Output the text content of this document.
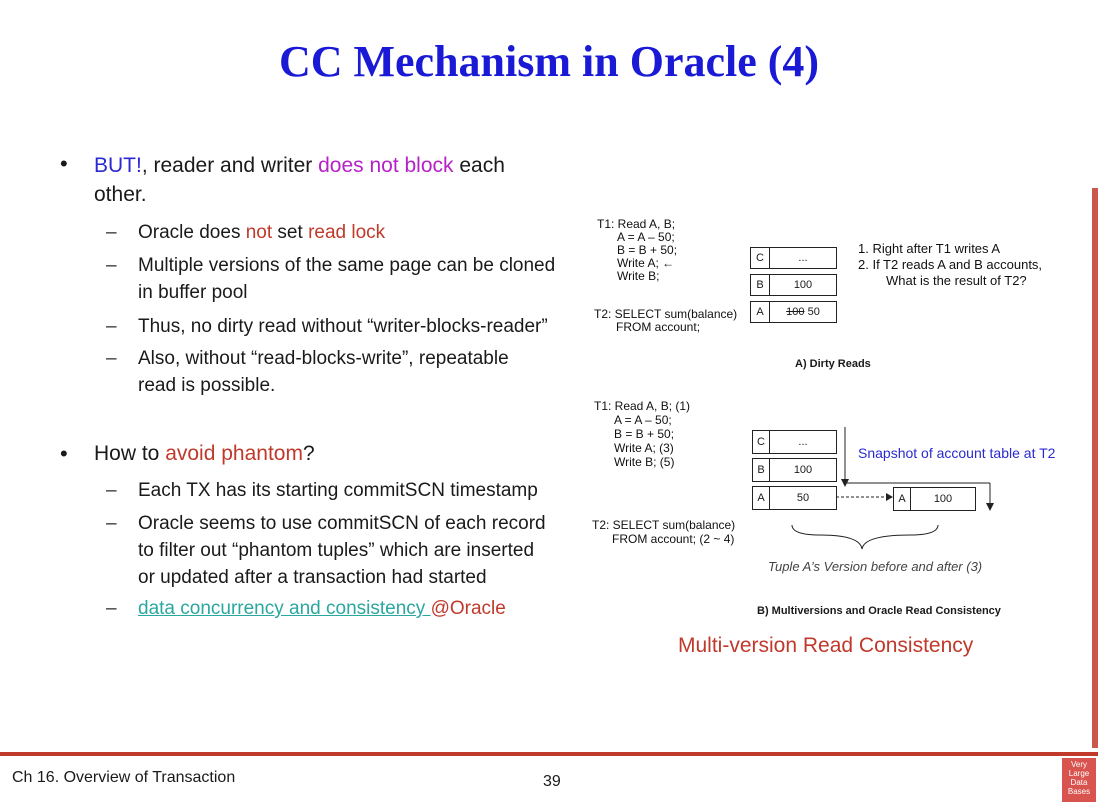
CC Mechanism in Oracle (4)
• BUT!, reader and writer does not block each
other.
– Oracle does not set read lock
– Multiple versions of the same page can be cloned
in buffer pool
– Thus, no dirty read without “writer-blocks-reader”
– Also, without “read-blocks-write”, repeatable
read is possible.
• How to avoid phantom?
– Each TX has its starting commitSCN timestamp
– Oracle seems to use commitSCN of each record
to filter out “phantom tuples” which are inserted
or updated after a transaction had started
– data concurrency and consistency @Oracle
T1: Read A, B;
A = A – 50;
B = B + 50;
Write A; ←
Write B;
T2: SELECT sum(balance)
FROM account;
C	...
B	100
A	100 50
1. Right after T1 writes A
2. If T2 reads A and B accounts,
What is the result of T2?
A) Dirty Reads
T1: Read A, B; (1)
A = A – 50;
B = B + 50;
Write A; (3)
Write B; (5)
T2: SELECT sum(balance)
FROM account; (2 ~ 4)
C	...
B	100
A	50	A	100
Snapshot of account table at T2
Tuple A’s Version before and after (3)
B) Multiversions and Oracle Read Consistency
Multi-version Read Consistency
Ch 16. Overview of Transaction	39
Very
Large
Data
Bases
